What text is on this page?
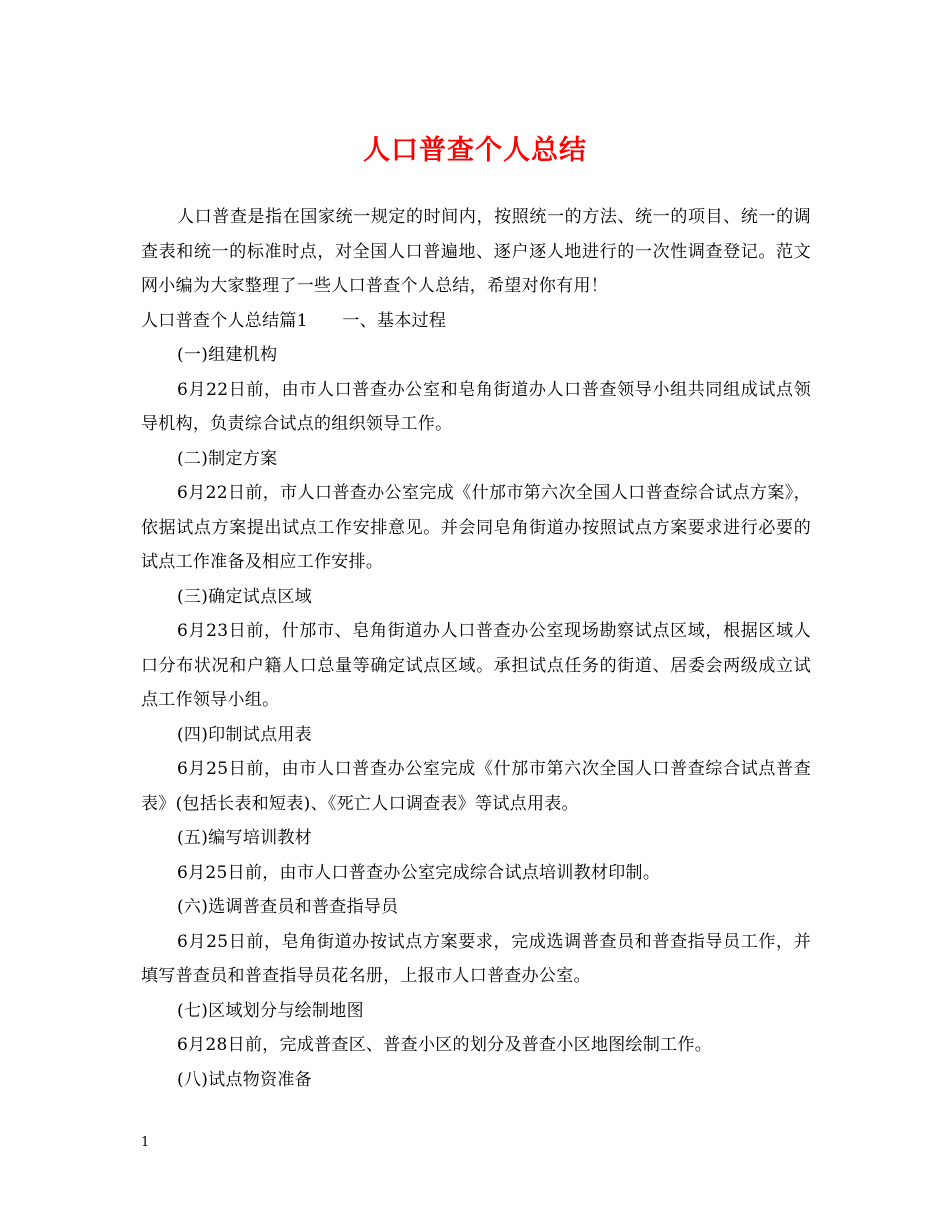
人口普查个人总结

人口普查是指在国家统一规定的时间内，按照统一的方法、统一的项目、统一的调查表和统一的标准时点，对全国人口普遍地、逐户逐人地进行的一次性调查登记。范文网小编为大家整理了一些人口普查个人总结，希望对你有用！

人口普查个人总结篇1　　一、基本过程

(一)组建机构

6月22日前，由市人口普查办公室和皂角街道办人口普查领导小组共同组成试点领导机构，负责综合试点的组织领导工作。

(二)制定方案

6月22日前，市人口普查办公室完成《什邡市第六次全国人口普查综合试点方案》，依据试点方案提出试点工作安排意见。并会同皂角街道办按照试点方案要求进行必要的试点工作准备及相应工作安排。

(三)确定试点区域

6月23日前，什邡市、皂角街道办人口普查办公室现场勘察试点区域，根据区域人口分布状况和户籍人口总量等确定试点区域。承担试点任务的街道、居委会两级成立试点工作领导小组。

(四)印制试点用表

6月25日前，由市人口普查办公室完成《什邡市第六次全国人口普查综合试点普查表》(包括长表和短表)、《死亡人口调查表》等试点用表。

(五)编写培训教材

6月25日前，由市人口普查办公室完成综合试点培训教材印制。

(六)选调普查员和普查指导员

6月25日前，皂角街道办按试点方案要求，完成选调普查员和普查指导员工作，并填写普查员和普查指导员花名册，上报市人口普查办公室。

(七)区域划分与绘制地图

6月28日前，完成普查区、普查小区的划分及普查小区地图绘制工作。

(八)试点物资准备

1
